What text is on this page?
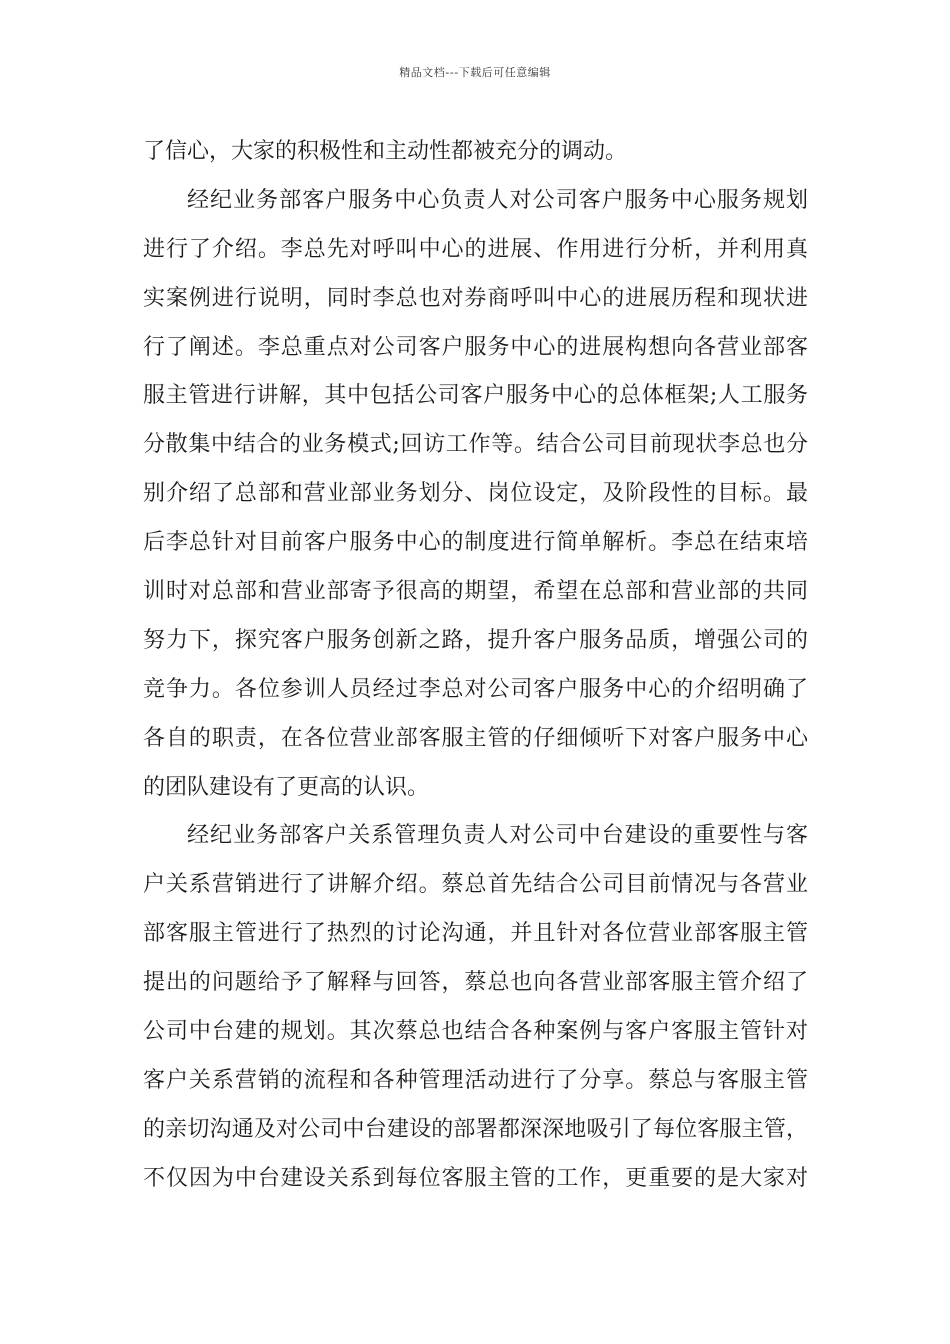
精品文档---下载后可任意编辑
了信心，大家的积极性和主动性都被充分的调动。
经纪业务部客户服务中心负责人对公司客户服务中心服务规划
进行了介绍。李总先对呼叫中心的进展、作用进行分析，并利用真
实案例进行说明，同时李总也对券商呼叫中心的进展历程和现状进
行了阐述。李总重点对公司客户服务中心的进展构想向各营业部客
服主管进行讲解，其中包括公司客户服务中心的总体框架;人工服务
分散集中结合的业务模式;回访工作等。结合公司目前现状李总也分
别介绍了总部和营业部业务划分、岗位设定，及阶段性的目标。最
后李总针对目前客户服务中心的制度进行简单解析。李总在结束培
训时对总部和营业部寄予很高的期望，希望在总部和营业部的共同
努力下，探究客户服务创新之路，提升客户服务品质，增强公司的
竞争力。各位参训人员经过李总对公司客户服务中心的介绍明确了
各自的职责，在各位营业部客服主管的仔细倾听下对客户服务中心
的团队建设有了更高的认识。
经纪业务部客户关系管理负责人对公司中台建设的重要性与客
户关系营销进行了讲解介绍。蔡总首先结合公司目前情况与各营业
部客服主管进行了热烈的讨论沟通，并且针对各位营业部客服主管
提出的问题给予了解释与回答，蔡总也向各营业部客服主管介绍了
公司中台建的规划。其次蔡总也结合各种案例与客户客服主管针对
客户关系营销的流程和各种管理活动进行了分享。蔡总与客服主管
的亲切沟通及对公司中台建设的部署都深深地吸引了每位客服主管，
不仅因为中台建设关系到每位客服主管的工作，更重要的是大家对
